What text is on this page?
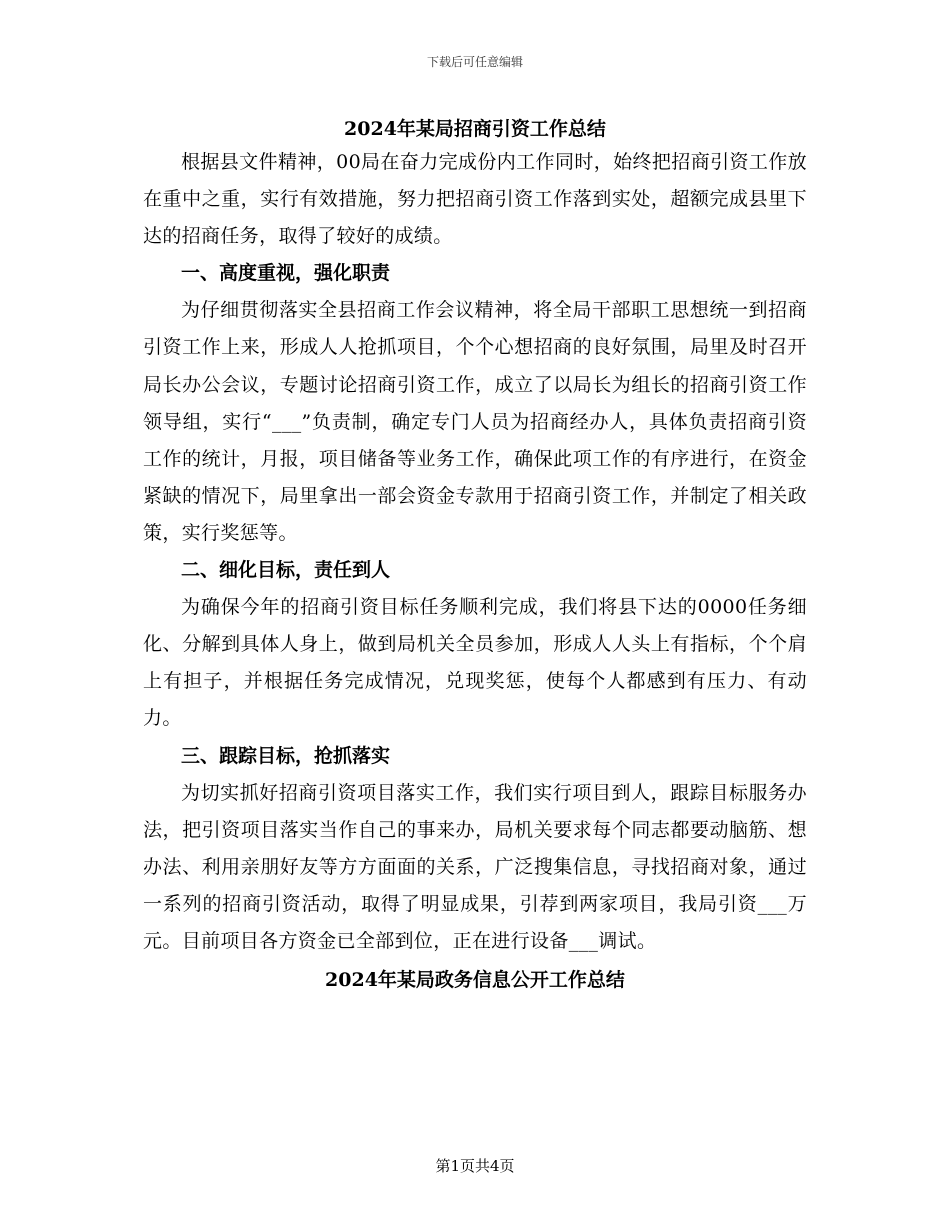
下载后可任意编辑
2024年某局招商引资工作总结

根据县文件精神，00局在奋力完成份内工作同时，始终把招商引资工作放在重中之重，实行有效措施，努力把招商引资工作落到实处，超额完成县里下达的招商任务，取得了较好的成绩。

一、高度重视，强化职责

为仔细贯彻落实全县招商工作会议精神，将全局干部职工思想统一到招商引资工作上来，形成人人抢抓项目，个个心想招商的良好氛围，局里及时召开局长办公会议，专题讨论招商引资工作，成立了以局长为组长的招商引资工作领导组，实行“___”负责制，确定专门人员为招商经办人，具体负责招商引资工作的统计，月报，项目储备等业务工作，确保此项工作的有序进行，在资金紧缺的情况下，局里拿出一部会资金专款用于招商引资工作，并制定了相关政策，实行奖惩等。

二、细化目标，责任到人

为确保今年的招商引资目标任务顺利完成，我们将县下达的0000任务细化、分解到具体人身上，做到局机关全员参加，形成人人头上有指标，个个肩上有担子，并根据任务完成情况，兑现奖惩，使每个人都感到有压力、有动力。

三、跟踪目标，抢抓落实

为切实抓好招商引资项目落实工作，我们实行项目到人，跟踪目标服务办法，把引资项目落实当作自己的事来办，局机关要求每个同志都要动脑筋、想办法、利用亲朋好友等方方面面的关系，广泛搜集信息，寻找招商对象，通过一系列的招商引资活动，取得了明显成果，引荐到两家项目，我局引资___万元。目前项目各方资金已全部到位，正在进行设备___调试。

2024年某局政务信息公开工作总结
第1页共4页
